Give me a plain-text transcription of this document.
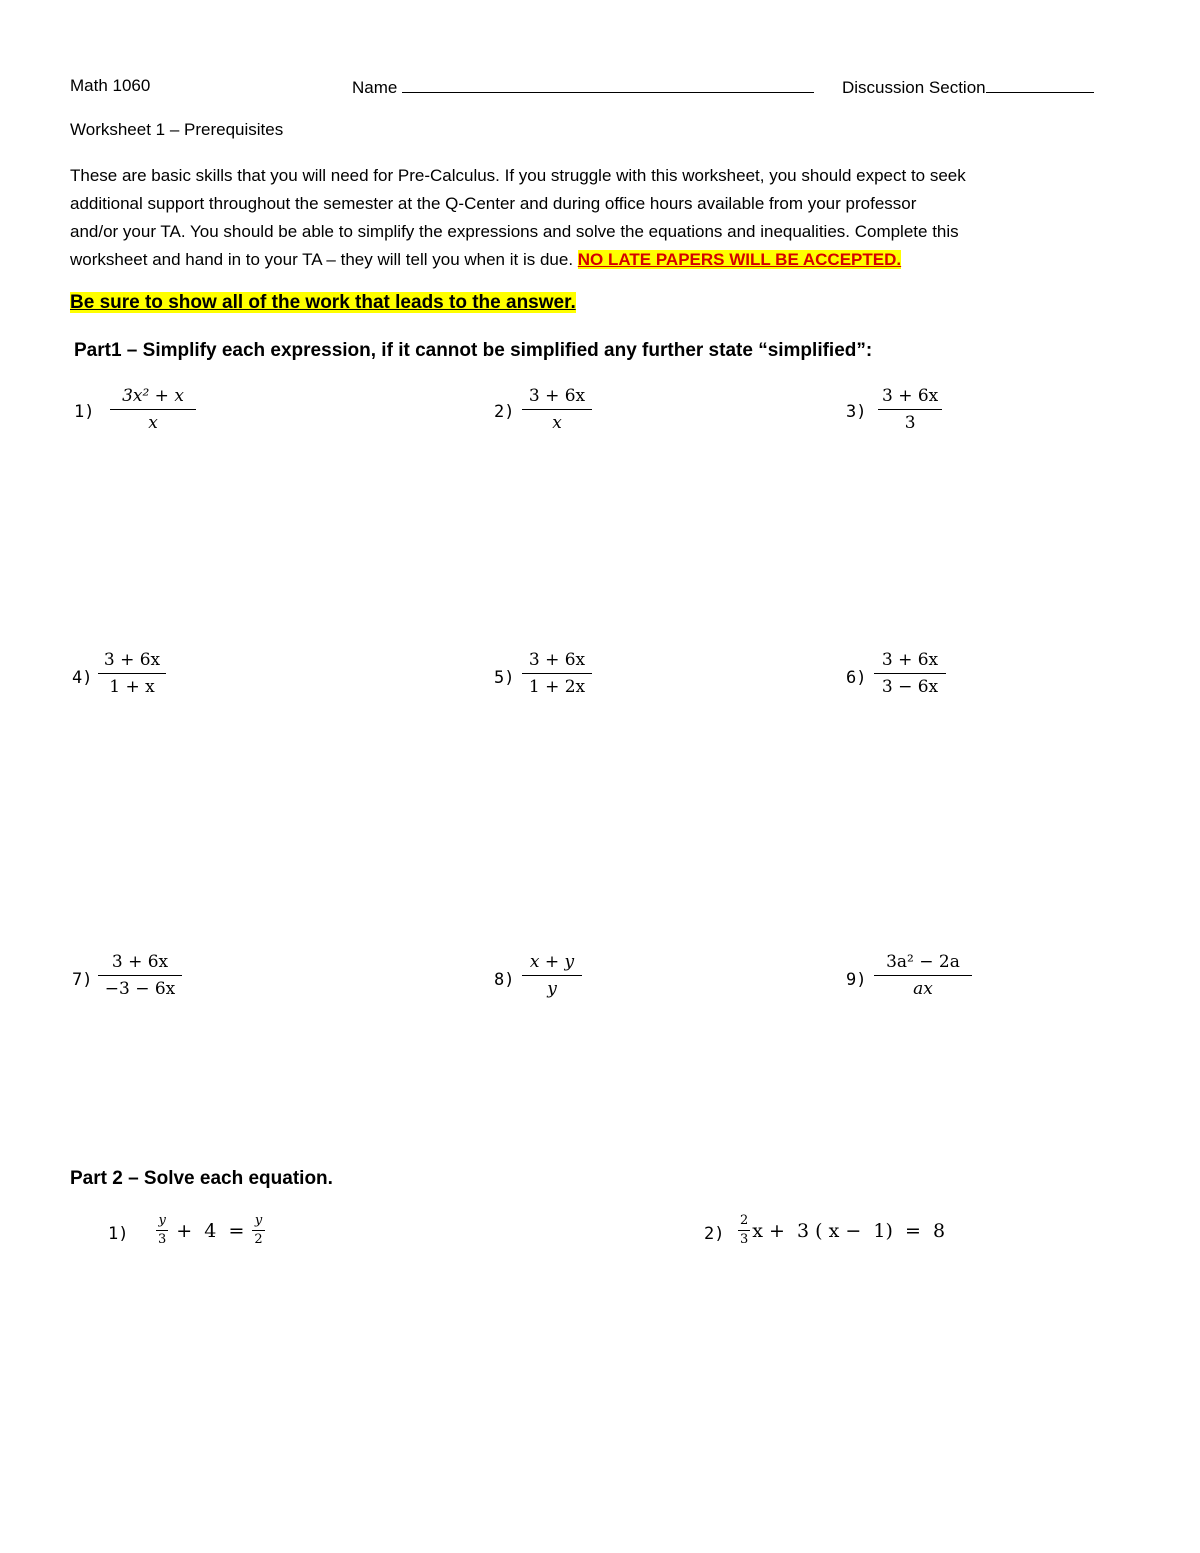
Math 1060	Name	Discussion Section
Worksheet 1 – Prerequisites

These are basic skills that you will need for Pre-Calculus. If you struggle with this worksheet, you should expect to seek

additional support throughout the semester at the Q-Center and during office hours available from your professor

and/or your TA. You should be able to simplify the expressions and solve the equations and inequalities. Complete this

worksheet and hand in to your TA – they will tell you when it is due. NO LATE PAPERS WILL BE ACCEPTED.

Be sure to show all of the work that leads to the answer.
Part1 – Simplify each expression, if it cannot be simplified any further state “simplified”:
$1) \frac{\text{3x² + x}}{x}$	$2) \frac{3 + 6x}{x}$	$3) \frac{3 + 6x}{3}$
$4) \frac{3 + 6x}{1 + x}$	$5) \frac{3 + 6x}{1 + 2x}$	$6) \frac{3 + 6x}{3 - 6x}$
$7) \frac{3 + 6x}{-3 - 6x}$	$8) \frac{x + y}{y}$	$9) \frac{\text{3a² − 2a}}{ax}$
Part 2 – Solve each equation.
$1) \frac{y}{3} + 4 = \frac{y}{2}$	$2) \frac{2}{3}$ x +  3 ( x −  1)  =  8
